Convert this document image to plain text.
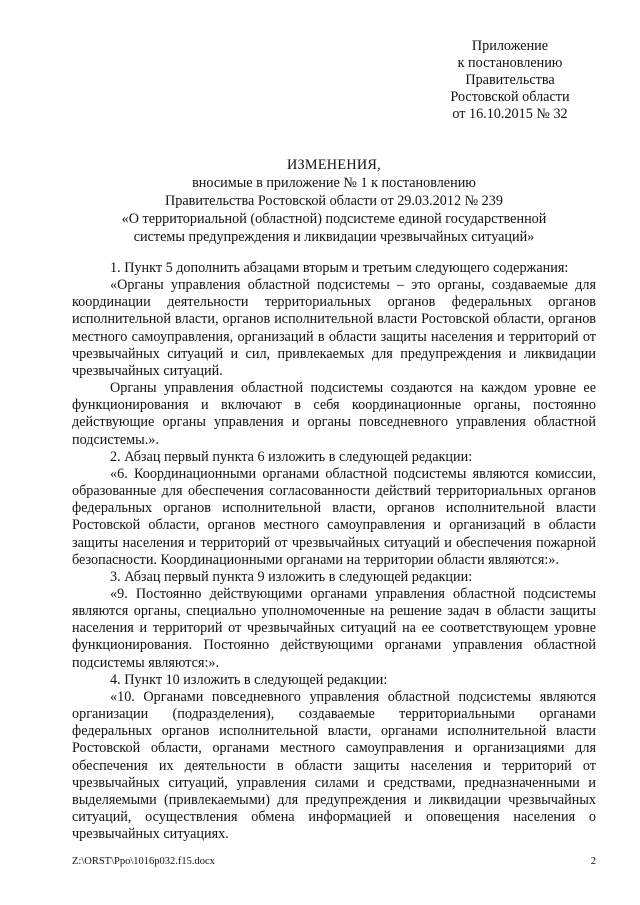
Приложение
к постановлению
Правительства
Ростовской области
от 16.10.2015 № 32
ИЗМЕНЕНИЯ,
вносимые в приложение № 1 к постановлению
Правительства Ростовской области от 29.03.2012 № 239
«О территориальной (областной) подсистеме единой государственной
системы предупреждения и ликвидации чрезвычайных ситуаций»

1. Пункт 5 дополнить абзацами вторым и третьим следующего содержания:

«Органы управления областной подсистемы – это органы, создаваемые для координации деятельности территориальных органов федеральных органов исполнительной власти, органов исполнительной власти Ростовской области, органов местного самоуправления, организаций в области защиты населения и территорий от чрезвычайных ситуаций и сил, привлекаемых для предупреждения и ликвидации чрезвычайных ситуаций.

Органы управления областной подсистемы создаются на каждом уровне ее функционирования и включают в себя координационные органы, постоянно действующие органы управления и органы повседневного управления областной подсистемы.».

2. Абзац первый пункта 6 изложить в следующей редакции:

«6. Координационными органами областной подсистемы являются комиссии, образованные для обеспечения согласованности действий территориальных органов федеральных органов исполнительной власти, органов исполнительной власти Ростовской области, органов местного самоуправления и организаций в области защиты населения и территорий от чрезвычайных ситуаций и обеспечения пожарной безопасности. Координационными органами на территории области являются:».

3. Абзац первый пункта 9 изложить в следующей редакции:

«9. Постоянно действующими органами управления областной подсистемы являются органы, специально уполномоченные на решение задач в области защиты населения и территорий от чрезвычайных ситуаций на ее соответствующем уровне функционирования. Постоянно действующими органами управления областной подсистемы являются:».

4. Пункт 10 изложить в следующей редакции:

«10. Органами повседневного управления областной подсистемы являются организации (подразделения), создаваемые территориальными органами федеральных органов исполнительной власти, органами исполнительной власти Ростовской области, органами местного самоуправления и организациями для обеспечения их деятельности в области защиты населения и территорий от чрезвычайных ситуаций, управления силами и средствами, предназначенными и выделяемыми (привлекаемыми) для предупреждения и ликвидации чрезвычайных ситуаций, осуществления обмена информацией и оповещения населения о чрезвычайных ситуациях.

Z:\ORST\Ppo\1016p032.f15.docx	2
